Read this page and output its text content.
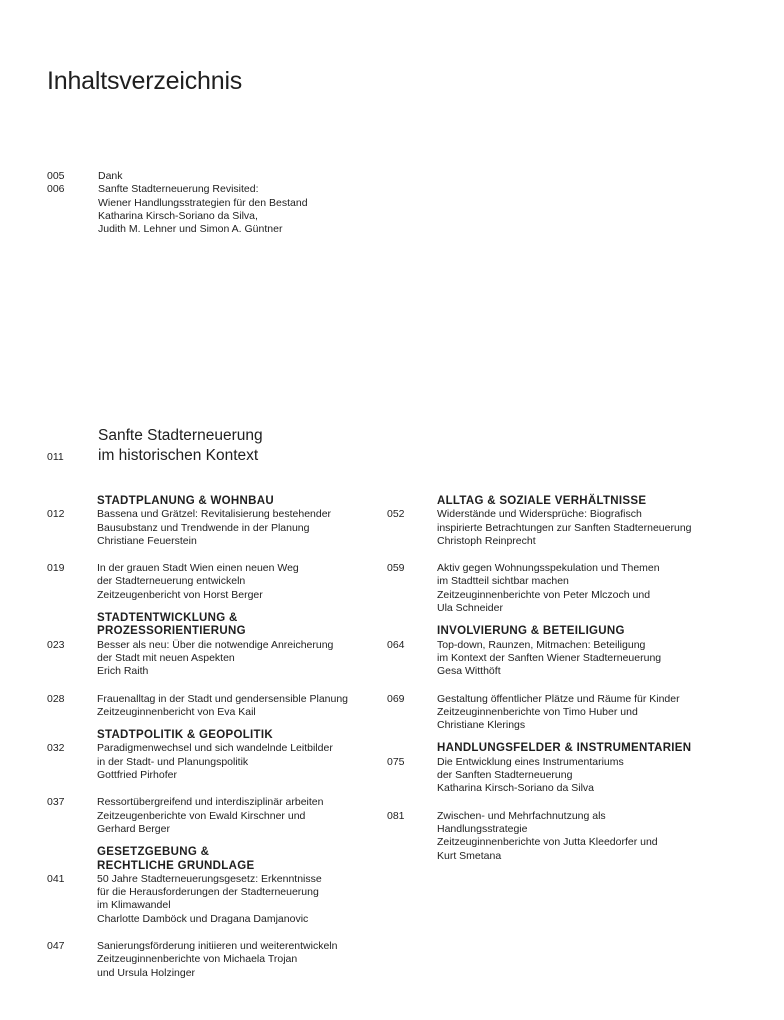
Inhaltsverzeichnis
005	Dank
006	Sanfte Stadterneuerung Revisited:
Wiener Handlungsstrategien für den Bestand
Katharina Kirsch-Soriano da Silva,
Judith M. Lehner und Simon A. Güntner
Sanfte Stadterneuerung
im historischen Kontext
011
STADTPLANUNG & WOHNBAU
012	Bassena und Grätzel: Revitalisierung bestehender
Bausubstanz und Trendwende in der Planung
Christiane Feuerstein
019	In der grauen Stadt Wien einen neuen Weg
der Stadterneuerung entwickeln
Zeitzeugenbericht von Horst Berger
STADTENTWICKLUNG &
PROZESSORIENTIERUNG
023	Besser als neu: Über die notwendige Anreicherung
der Stadt mit neuen Aspekten
Erich Raith
028	Frauenalltag in der Stadt und gendersensible Planung
Zeitzeuginnenbericht von Eva Kail
STADTPOLITIK & GEOPOLITIK
032	Paradigmenwechsel und sich wandelnde Leitbilder
in der Stadt- und Planungspolitik
Gottfried Pirhofer
037	Ressortübergreifend und interdisziplinär arbeiten
Zeitzeugenberichte von Ewald Kirschner und
Gerhard Berger
GESETZGEBUNG &
RECHTLICHE GRUNDLAGE
041	50 Jahre Stadterneuerungsgesetz: Erkenntnisse
für die Herausforderungen der Stadterneuerung
im Klimawandel
Charlotte Damböck und Dragana Damjanovic
047	Sanierungsförderung initiieren und weiterentwickeln
Zeitzeuginnenberichte von Michaela Trojan
und Ursula Holzinger
ALLTAG & SOZIALE VERHÄLTNISSE
052	Widerstände und Widersprüche: Biografisch
inspirierte Betrachtungen zur Sanften Stadterneuerung
Christoph Reinprecht
059	Aktiv gegen Wohnungsspekulation und Themen
im Stadtteil sichtbar machen
Zeitzeuginnenberichte von Peter Mlczoch und
Ula Schneider
INVOLVIERUNG & BETEILIGUNG
064	Top-down, Raunzen, Mitmachen: Beteiligung
im Kontext der Sanften Wiener Stadterneuerung
Gesa Witthöft
069	Gestaltung öffentlicher Plätze und Räume für Kinder
Zeitzeuginnenberichte von Timo Huber und
Christiane Klerings
HANDLUNGSFELDER & INSTRUMENTARIEN
075	Die Entwicklung eines Instrumentariums
der Sanften Stadterneuerung
Katharina Kirsch-Soriano da Silva
081	Zwischen- und Mehrfachnutzung als
Handlungsstrategie
Zeitzeuginnenberichte von Jutta Kleedorfer und
Kurt Smetana
